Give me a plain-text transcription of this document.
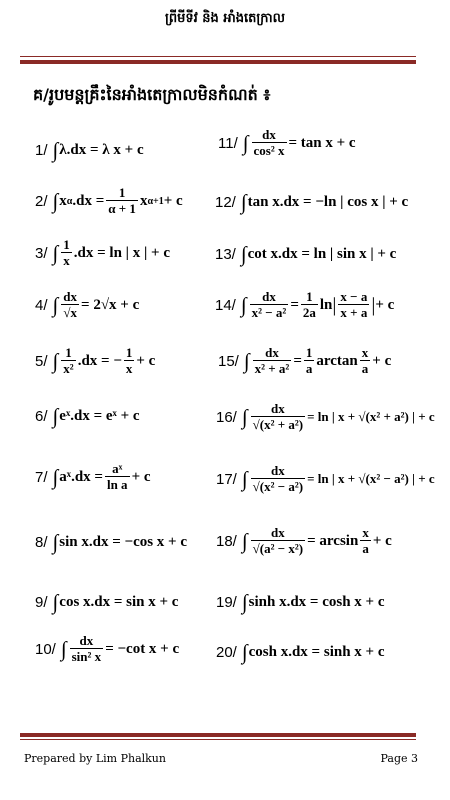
ព្រីមីទីវ និង អាំងតេក្រាល
គ/រូបមន្តគ្រឹះនៃអាំងតេក្រាលមិនកំណត់ ៖
1/ ∫ λ.dx = λ x + c
2/ ∫ x α $.dx = \frac{1}{\alpha + 1}$ x α+1 + c
3/ ∫ $\frac{1}{x} .dx = \ln$ | x | + c
4/ ∫ $\frac{dx}{√x} = 2√x + c$
5/ ∫ $\frac{1}{\text{x²}} .dx$ = − $\frac{1}{x} + c$
6/ ∫ eˣ.dx = eˣ + c
7/ ∫ aˣ.dx = $\frac{\text{aˣ}}{\text{ln a}} + c$
8/ ∫ sin x.dx = −cos x + c
9/ ∫ cos x.dx = sin x + c
10/ ∫ $\frac{dx}{\text{sin² x}} = -\cot$ x + c
11/ ∫ $\frac{dx}{\text{cos² x}} = \tan x + c$
12/ ∫ tan x.dx = −ln | cos x | + c
13/ ∫ cot x.dx = ln | sin x | + c
14/ ∫ $\frac{dx}{\text{x² − a²}} = \frac{1}{2a}$ ln | $\frac{x - a}{x + a}$ | + c
15/ ∫ $\frac{dx}{\text{x² + a²}} = \frac{1}{a}$ $\arctan \frac{x}{a} + c$
16/ ∫ $\frac{dx}{\text{√(x² + a²)}} = \ln$ | x + √(x² + a²) | + c
17/ ∫ $\frac{dx}{\text{√(x² − a²)}} = \ln$ | x + √(x² − a²) | + c
18/ ∫ $\frac{dx}{\text{√(a² − x²)}} = \arcsin \frac{x}{a} + c$
19/ ∫ sinh x.dx = cosh x + c
20/ ∫ cosh x.dx = sinh x + c
Prepared by Lim Phalkun	Page 3
